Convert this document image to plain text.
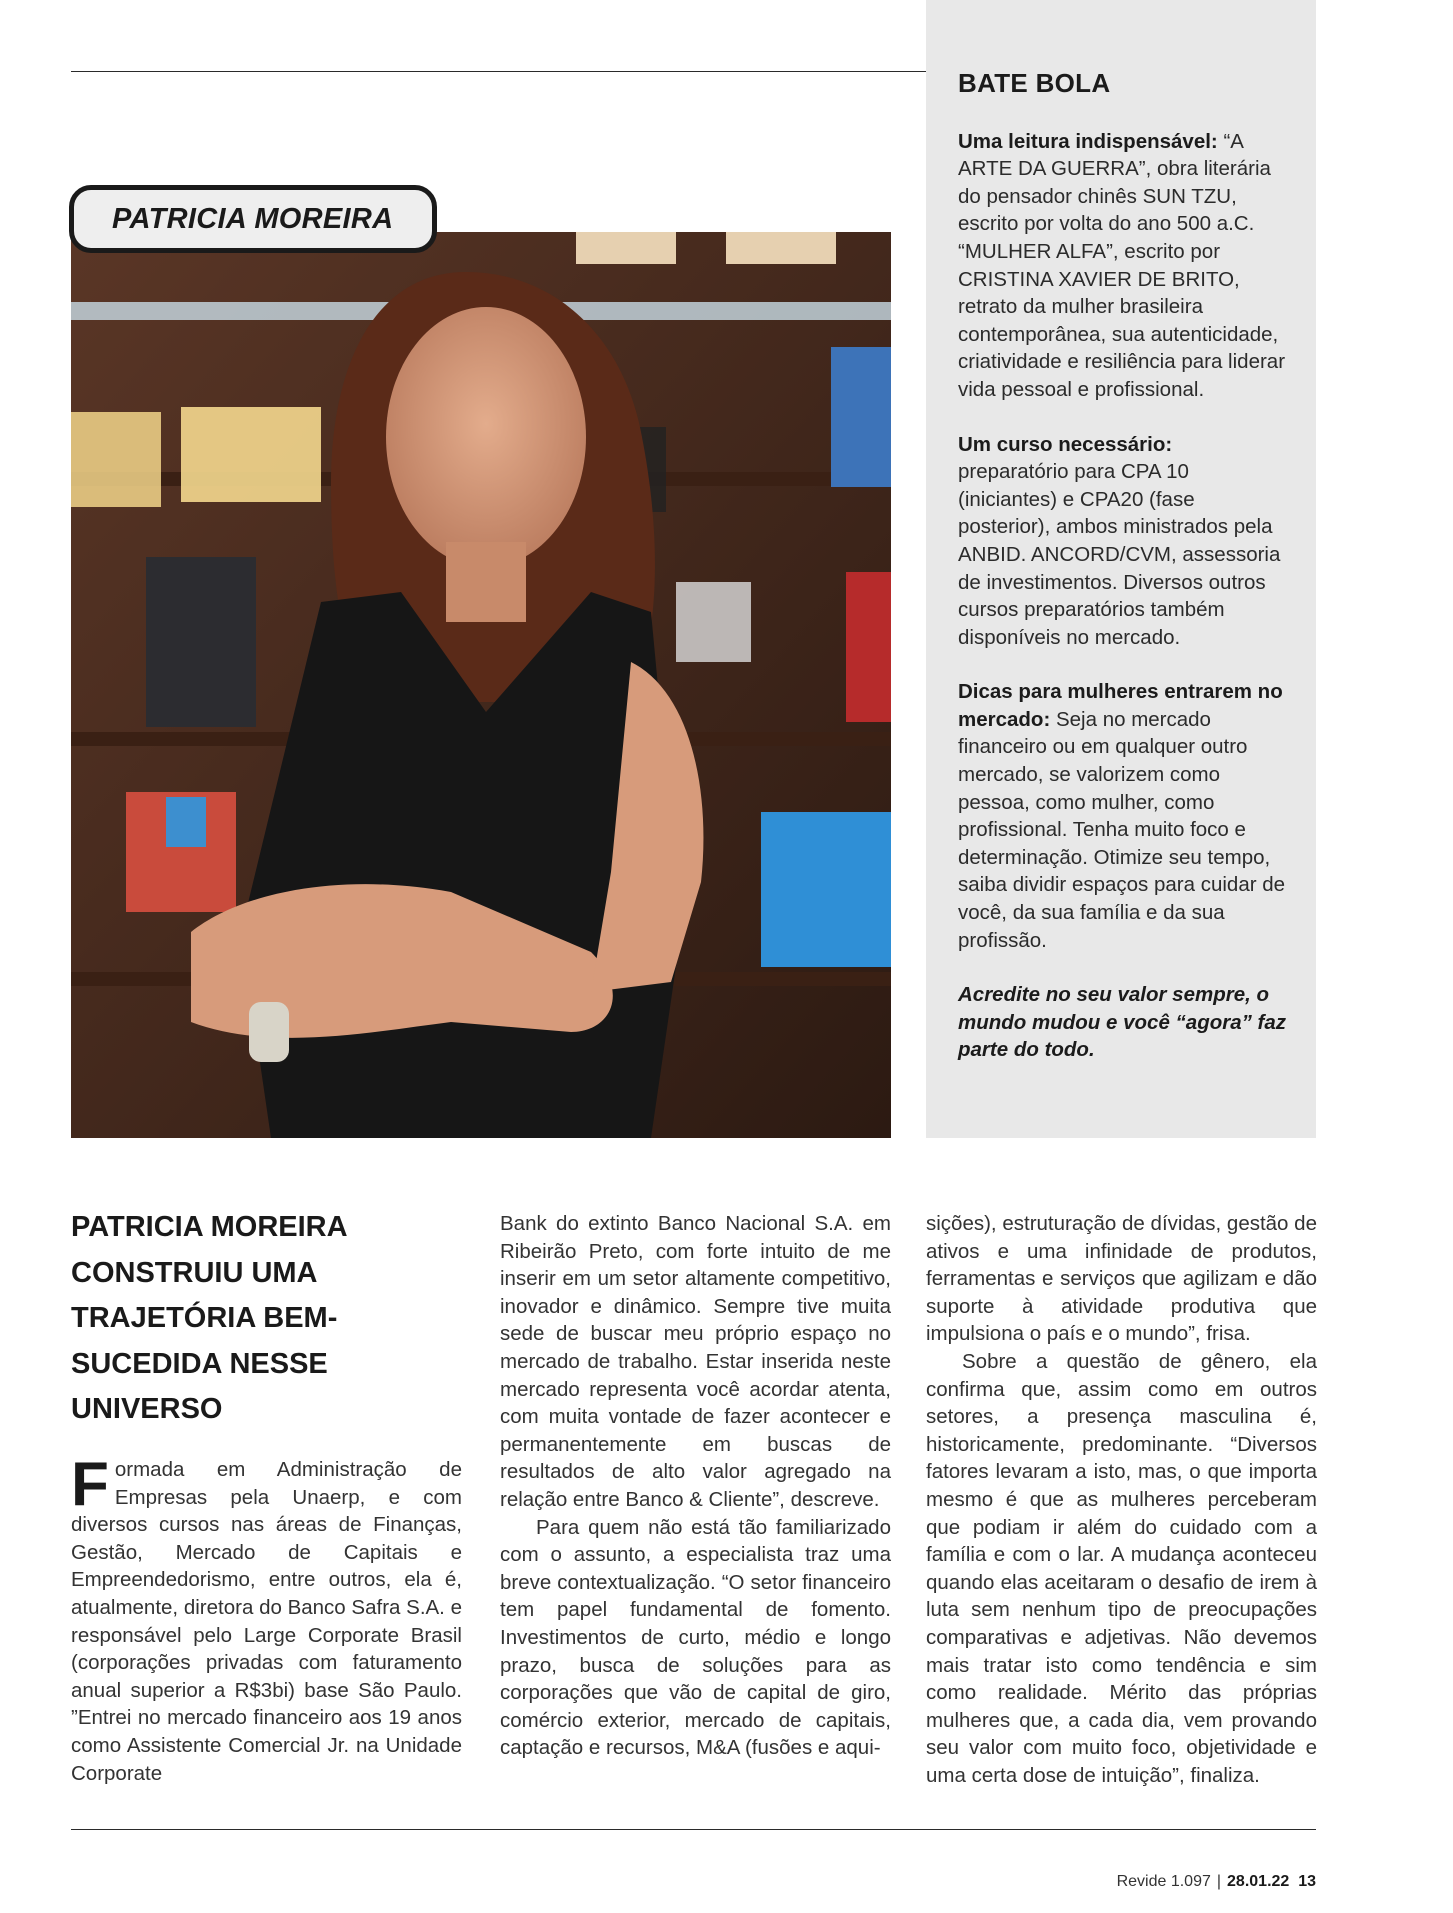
BATE BOLA

Uma leitura indispensável: “A ARTE DA GUERRA”, obra literária do pensador chinês SUN TZU, escrito por volta do ano 500 a.C. “MULHER ALFA”, escrito por CRISTINA XAVIER DE BRITO, retrato da mulher brasileira contemporânea, sua autenticidade, criatividade e resiliência para liderar vida pessoal e profissional.

Um curso necessário: preparatório para CPA 10 (iniciantes) e CPA20 (fase posterior), ambos ministrados pela ANBID. ANCORD/CVM, assessoria de investimentos. Diversos outros cursos preparatórios também disponíveis no mercado.

Dicas para mulheres entrarem no mercado: Seja no mercado financeiro ou em qualquer outro mercado, se valorizem como pessoa, como mulher, como profissional. Tenha muito foco e determinação. Otimize seu tempo, saiba dividir espaços para cuidar de você, da sua família e da sua profissão.

Acredite no seu valor sempre, o mundo mudou e você “agora” faz parte do todo.

PATRICIA MOREIRA
PATRICIA MOREIRA CONSTRUIU UMA TRAJETÓRIA BEM-SUCEDIDA NESSE UNIVERSO

Formada em Administração de Empresas pela Unaerp, e com diversos cursos nas áreas de Finanças, Gestão, Mercado de Capitais e Empreendedorismo, entre outros, ela é, atualmente, diretora do Banco Safra S.A. e responsável pelo Large Corporate Brasil (corporações privadas com faturamento anual superior a R$3bi) base São Paulo. ”Entrei no mercado financeiro aos 19 anos como Assistente Comercial Jr. na Unidade Corporate

Bank do extinto Banco Nacional S.A. em Ribeirão Preto, com forte intuito de me inserir em um setor altamente competitivo, inovador e dinâmico. Sempre tive muita sede de buscar meu próprio espaço no mercado de trabalho. Estar inserida neste mercado representa você acordar atenta, com muita vontade de fazer acontecer e permanentemente em buscas de resultados de alto valor agregado na relação entre Banco & Cliente”, descreve.

Para quem não está tão familiarizado com o assunto, a especialista traz uma breve contextualização. “O setor financeiro tem papel fundamental de fomento. Investimentos de curto, médio e longo prazo, busca de soluções para as corporações que vão de capital de giro, comércio exterior, mercado de capitais, captação e recursos, M&A (fusões e aqui-

sições), estruturação de dívidas, gestão de ativos e uma infinidade de produtos, ferramentas e serviços que agilizam e dão suporte à atividade produtiva que impulsiona o país e o mundo”, frisa.

Sobre a questão de gênero, ela confirma que, assim como em outros setores, a presença masculina é, historicamente, predominante. “Diversos fatores levaram a isto, mas, o que importa mesmo é que as mulheres perceberam que podiam ir além do cuidado com a família e com o lar. A mudança aconteceu quando elas aceitaram o desafio de irem à luta sem nenhum tipo de preocupações comparativas e adjetivas. Não devemos mais tratar isto como tendência e sim como realidade. Mérito das próprias mulheres que, a cada dia, vem provando seu valor com muito foco, objetividade e uma certa dose de intuição”, finaliza.

Revide 1.097 | 28.01.22 13
